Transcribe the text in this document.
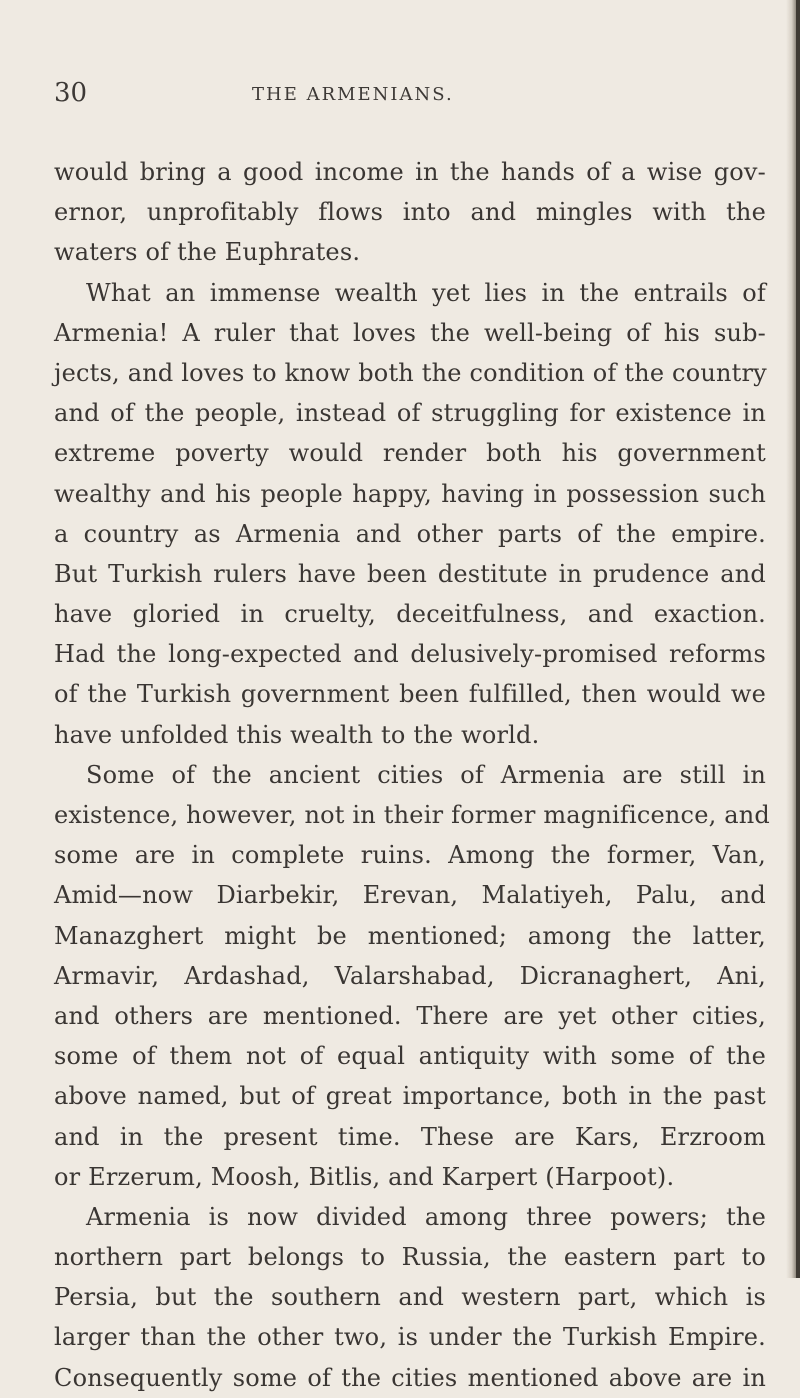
30	THE ARMENIANS.
would bring a good income in the hands of a wise gov-
ernor, unprofitably flows into and mingles with the
waters of the Euphrates.
What an immense wealth yet lies in the entrails of
Armenia! A ruler that loves the well-being of his sub-
jects, and loves to know both the condition of the country
and of the people, instead of struggling for existence in
extreme poverty would render both his government
wealthy and his people happy, having in possession such
a country as Armenia and other parts of the empire.
But Turkish rulers have been destitute in prudence and
have gloried in cruelty, deceitfulness, and exaction.
Had the long-expected and delusively-promised reforms
of the Turkish government been fulfilled, then would we
have unfolded this wealth to the world.
Some of the ancient cities of Armenia are still in
existence, however, not in their former magnificence, and
some are in complete ruins. Among the former, Van,
Amid—now Diarbekir, Erevan, Malatiyeh, Palu, and
Manazghert might be mentioned; among the latter,
Armavir, Ardashad, Valarshabad, Dicranaghert, Ani,
and others are mentioned. There are yet other cities,
some of them not of equal antiquity with some of the
above named, but of great importance, both in the past
and in the present time. These are Kars, Erzroom
or Erzerum, Moosh, Bitlis, and Karpert (Harpoot).
Armenia is now divided among three powers; the
northern part belongs to Russia, the eastern part to
Persia, but the southern and western part, which is
larger than the other two, is under the Turkish Empire.
Consequently some of the cities mentioned above are in
